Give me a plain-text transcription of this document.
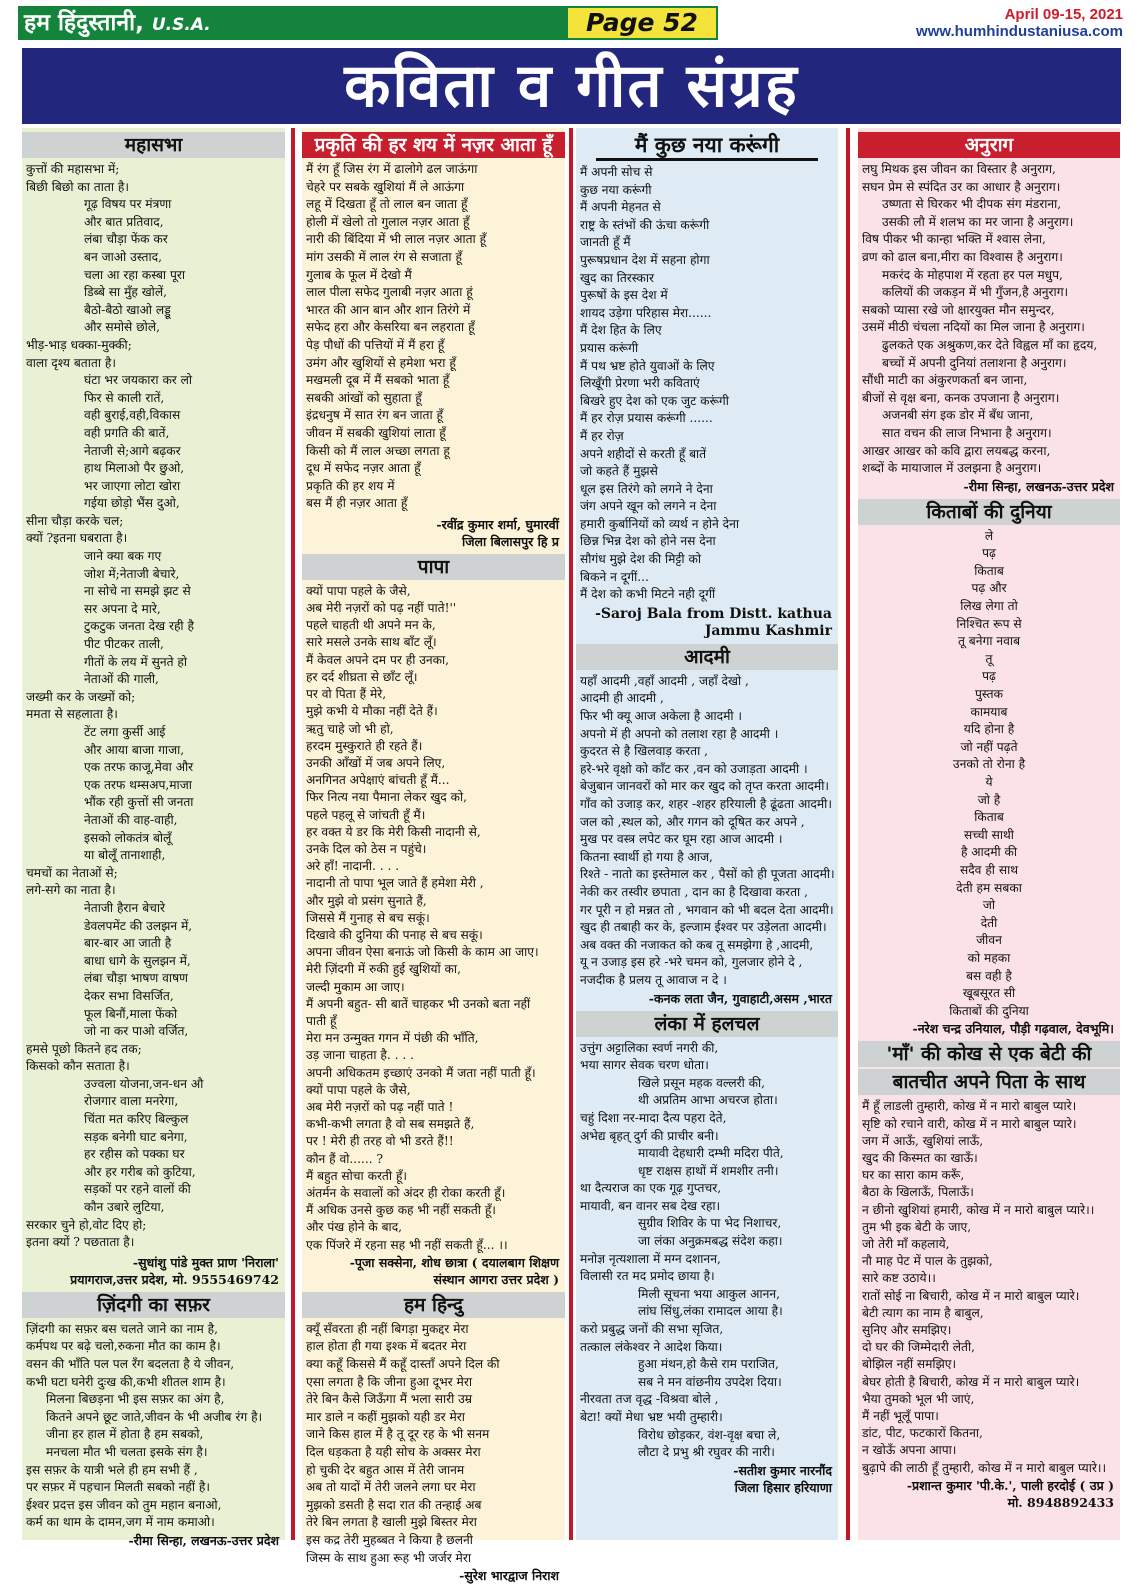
हम हिंदुस्तानी, U.S.A.	Page 52	April 09-15, 2021
www.humhindustaniusa.com
कविता व गीत संग्रह
महासभा
कुत्तों की महासभा में;
बिछी बिछो का ताता है।
गूढ़ विषय पर मंत्रणा
और बात प्रतिवाद,
लंबा चौड़ा फेंक कर
बन जाओ उस्ताद,
चला आ रहा कस्बा पूरा
डिब्बे सा मुँह खोलें,
बैठो-बैठो खाओ लड्डू
और समोसे छोले,
भीड़-भाड़ धक्का-मुक्की;
वाला दृश्य बताता है।
घंटा भर जयकारा कर लो
फिर से काली रातें,
वही बुराई,वही,विकास
वही प्रगति की बातें,
नेताजी से;आगे बढ़कर
हाथ मिलाओ पैर छुओ,
भर जाएगा लोटा खोरा
गईया छोड़ो भैंस दुओ,
सीना चौड़ा करके चल;
क्यों ?इतना घबराता है।
जाने क्या बक गए
जोश में;नेताजी बेचारे,
ना सोचे ना समझे झट से
सर अपना दे मारे,
टुकटुक जनता देख रही है
पीट पीटकर ताली,
गीतों के लय में सुनते हो
नेताओं की गाली,
जख्मी कर के जख्मों को;
ममता से सहलाता है।
टेंट लगा कुर्सी आई
और आया बाजा गाजा,
एक तरफ काजू,मेवा और
एक तरफ थम्सअप,माजा
भौंक रही कुत्तों सी जनता
नेताओं की वाह-वाही,
इसको लोकतंत्र बोलूँ
या बोलूँ तानाशाही,
चमचों का नेताओं से;
लगे-सगे का नाता है।
नेताजी हैरान बेचारे
डेवलपमेंट की उलझन में,
बार-बार आ जाती है
बाधा धागे के सुलझन में,
लंबा चौड़ा भाषण वाषण
देकर सभा विसर्जित,
फूल बिनौं,माला फेंको
जो ना कर पाओ वर्जित,
हमसे पूछो कितने हद तक;
किसको कौन सताता है।
उज्वला योजना,जन-धन औ
रोजगार वाला मनरेगा,
चिंता मत करिए बिल्कुल
सड़क बनेगी घाट बनेगा,
हर रहीस को पक्का घर
और हर गरीब को कुटिया,
सड़कों पर रहने वालों की
कौन उबारे लुटिया,
सरकार चुने हो,वोट दिए हो;
इतना क्यों ? पछताता है।
-सुधांशु पांडे मुक्त प्राण 'निराला'
प्रयागराज,उत्तर प्रदेश, मो. 9555469742
ज़िंदगी का सफ़र
ज़िंदगी का सफ़र बस चलते जाने का नाम है,
कर्मपथ पर बढ़े चलो,रुकना मौत का काम है।
वसन की भाँति पल पल रँग बदलता है ये जीवन,
कभी घटा घनेरी दुःख की,कभी शीतल शाम है।
मिलना बिछड़ना भी इस सफ़र का अंग है,
कितने अपने छूट जाते,जीवन के भी अजीब रंग है।
जीना हर हाल में होता है हम सबको,
मनचला मौत भी चलता इसके संग है।
इस सफ़र के यात्री भले ही हम सभी हैं ,
पर सफ़र में पहचान मिलती सबको नहीं है।
ईश्वर प्रदत्त इस जीवन को तुम महान बनाओ,
कर्म का थाम के दामन,जग में नाम कमाओ।
-रीमा सिन्हा, लखनऊ-उत्तर प्रदेश
प्रकृति की हर शय में नज़र आता हूँ
मैं रंग हूँ जिस रंग में ढालोगे ढल जाऊंगा
चेहरे पर सबके खुशियां मैं ले आऊंगा
लहू में दिखता हूँ तो लाल बन जाता हूँ
होली में खेलो तो गुलाल नज़र आता हूँ
नारी की बिंदिया में भी लाल नज़र आता हूँ
मांग उसकी में लाल रंग से सजाता हूँ
गुलाब के फूल में देखो मैं
लाल पीला सफेद गुलाबी नज़र आता हूं
भारत की आन बान और शान तिरंगे में
सफेद हरा और केसरिया बन लहराता हूँ
पेड़ पौधों की पत्तियों में मैं हरा हूँ
उमंग और खुशियों से हमेशा भरा हूँ
मखमली दूब में मैं सबको भाता हूँ
सबकी आंखों को सुहाता हूँ
इंद्रधनुष में सात रंग बन जाता हूँ
जीवन में सबकी खुशियां लाता हूँ
किसी को मैं लाल अच्छा लगता हू
दूध में सफेद नज़र आता हूँ
प्रकृति की हर शय में
बस मैं ही नज़र आता हूँ
-रवींद्र कुमार शर्मा, घुमारवीं
जिला बिलासपुर हि प्र
पापा
क्यों पापा पहले के जैसे,
अब मेरी नज़रों को पढ़ नहीं पाते!''
पहले चाहती थी अपने मन के,
सारे मसले उनके साथ बाँट लूँ।
मैं केवल अपने दम पर ही उनका,
हर दर्द शीघ्रता से छाँट लूँ।
पर वो पिता हैं मेरे,
मुझे कभी ये मौका नहीं देते हैं।
ऋतु चाहे जो भी हो,
हरदम मुस्कुराते ही रहते हैं।
उनकी आँखों में जब अपने लिए,
अनगिनत अपेक्षाएं बांचती हूँ मैं...
फिर नित्य नया पैमाना लेकर खुद को,
पहले पहलू से जांचती हूँ मैं।
हर वक्त ये डर कि मेरी किसी नादानी से,
उनके दिल को ठेस न पहुंचे।
अरे हाँ! नादानी. . . .
नादानी तो पापा भूल जाते हैं हमेशा मेरी ,
और मुझे वो प्रसंग सुनाते हैं,
जिससे मैं गुनाह से बच सकूं।
दिखावे की दुनिया की पनाह से बच सकूं।
अपना जीवन ऐसा बनाऊं जो किसी के काम आ जाए।
मेरी ज़िंदगी में रुकी हुई खुशियों का,
जल्दी मुकाम आ जाए।
मैं अपनी बहुत- सी बातें चाहकर भी उनको बता नहीं
पाती हूँ
मेरा मन उन्मुक्त गगन में पंछी की भाँति,
उड़ जाना चाहता है. . . .
अपनी अधिकतम इच्छाएं उनको मैं जता नहीं पाती हूँ।
क्यों पापा पहले के जैसे,
अब मेरी नज़रों को पढ़ नहीं पाते !
कभी-कभी लगता है वो सब समझते हैं,
पर ! मेरी ही तरह वो भी डरते हैं!!
कौन हैं वो...... ?
मैं बहुत सोचा करती हूँ।
अंतर्मन के सवालों को अंदर ही रोका करती हूँ।
मैं अधिक उनसे कुछ कह भी नहीं सकती हूँ।
और पंख होने के बाद,
एक पिंजरे में रहना सह भी नहीं सकती हूँ... ।।
-पूजा सक्सेना, शोध छात्रा ( दयालबाग शिक्षण
संस्थान आगरा उत्तर प्रदेश )
हम हिन्दु
क्यूँ सँवरता ही नहीं बिगड़ा मुकद्दर मेरा
हाल होता ही गया इश्क में बदतर मेरा
क्या कहूँ किससे मैं कहूँ दास्ताँ अपने दिल की
एसा लगता है कि जीना हुआ दूभर मेरा
तेरे बिन कैसे जिऊँगा मैं भला सारी उम्र
मार डाले न कहीं मुझको यही डर मेरा
जाने किस हाल में है तू दूर रह के भी सनम
दिल धड़कता है यही सोच के अक्सर मेरा
हो चुकी देर बहुत आस में तेरी जानम
अब तो यादों में तेरी जलने लगा घर मेरा
मुझको डसती है सदा रात की तन्हाई अब
तेरे बिन लगता है खाली मुझे बिस्तर मेरा
इस कद्र तेरी मुहब्बत ने किया है छलनी
जिस्म के साथ हुआ रूह भी जर्जर मेरा
-सुरेश भारद्वाज निराश
मैं कुछ नया करूंगी
मैं अपनी सोच से
कुछ नया करूंगी
मैं अपनी मेहनत से
राष्ट्र के स्तंभों की ऊंचा करूंगी
जानती हूँ मैं
पुरूषप्रधान देश में सहना होगा
खुद का तिरस्कार
पुरूषों के इस देश में
शायद उड़ेगा परिहास मेरा......
मैं देश हित के लिए
प्रयास करूंगी
मैं पथ भ्रष्ट होते युवाओं के लिए
लिखूँगी प्रेरणा भरी कविताएं
बिखरे हुए देश को एक जुट करूंगी
मैं हर रोज़ प्रयास करूंगी ......
मैं हर रोज़
अपने शहीदों से करती हूँ बातें
जो कहते हैं मुझसे
धूल इस तिरंगे को लगने ने देना
जंग अपने खून को लगने न देना
हमारी कुर्बानियों को व्यर्थ न होने देना
छिन्न भिन्न देश को होने नस देना
सौगंध मुझे देश की मिट्टी को
बिकने न दूगीं...
मैं देश को कभी मिटने नही दूगीं
-Saroj Bala from Distt. kathua
Jammu Kashmir
आदमी
यहाँ आदमी ,वहाँ आदमी , जहाँ देखो ,
आदमी ही आदमी ,
फिर भी क्यू आज अकेला है आदमी ।
अपनो में ही अपनो को तलाश रहा है आदमी ।
कुदरत से है खिलवाड़ करता ,
हरे-भरे वृक्षो को काँट कर ,वन को उजाड़ता आदमी ।
बेजुबान जानवरों को मार कर खुद को तृप्त करता आदमी।
गाँव को उजाड़ कर, शहर -शहर हरियाली है ढूंढता आदमी।
जल को ,स्थल को, और गगन को दूषित कर अपने ,
मुख पर वस्त्र लपेट कर घूम रहा आज आदमी ।
कितना स्वार्थी हो गया है आज,
रिश्ते - नातो का इस्तेमाल कर , पैसों को ही पूजता आदमी।
नेकी कर तस्वीर छपाता , दान का है दिखावा करता ,
गर पूरी न हो मन्नत तो , भगवान को भी बदल देता आदमी।
खुद ही तबाही कर के, इल्जाम ईश्वर पर उड़ेलता आदमी।
अब वक्त की नजाकत को कब तू समझेगा हे ,आदमी,
यू न उजाड़ इस हरे -भरे चमन को, गुलजार होने दे ,
नजदीक है प्रलय तू आवाज न दे ।
-कनक लता जैन, गुवाहाटी,असम ,भारत
लंका में हलचल
उत्तुंग अट्टालिका स्वर्ण नगरी की,
भया सागर सेवक चरण धोता।
खिले प्रसून महक वल्लरी की,
थी अप्रतिम आभा अचरज होता।
चहुं दिशा नर-मादा दैत्य पहरा देते,
अभेद्य बृहत् दुर्ग की प्राचीर बनी।
मायावी देहधारी दम्भी मदिरा पीते,
धृष्ट राक्षस हाथों में शमशीर तनी।
था दैत्यराज का एक गूढ़ गुप्तचर,
मायावी, बन वानर सब देख रहा।
सुग्रीव शिविर के पा भेद निशाचर,
जा लंका अनुक्रमबद्ध संदेश कहा।
मनोज्ञ नृत्यशाला में मग्न दशानन,
विलासी रत मद प्रमोद छाया है।
मिली सूचना भया आकुल आनन,
लांघ सिंधु,लंका रामादल आया है।
करो प्रबुद्ध जनों की सभा सृजित,
तत्काल लंकेश्वर ने आदेश किया।
हुआ मंथन,हो कैसे राम पराजित,
सब ने मन वांछनीय उपदेश दिया।
नीरवता तज वृद्ध -विश्रवा बोले ,
बेटा! क्यों मेधा भ्रष्ट भयी तुम्हारी।
विरोध छोड़कर, वंश-वृक्ष बचा ले,
लौटा दे प्रभु श्री रघुवर की नारी।
-सतीश कुमार नारनौंद
जिला हिसार हरियाणा
अनुराग
लघु मिथक इस जीवन का विस्तार है अनुराग,
सघन प्रेम से स्पंदित उर का आधार है अनुराग।
उष्णता से घिरकर भी दीपक संग मंडराना,
उसकी लौ में शलभ का मर जाना है अनुराग।
विष पीकर भी कान्हा भक्ति में श्वास लेना,
व्रण को ढाल बना,मीरा का विश्वास है अनुराग।
मकरंद के मोहपाश में रहता हर पल मधुप,
कलियों की जकड़न में भी गुँजन,है अनुराग।
सबको प्यासा रखे जो क्षारयुक्त मौन समुन्दर,
उसमें मीठी चंचला नदियों का मिल जाना है अनुराग।
ढुलकते एक अश्रुकण,कर देते विह्वल माँ का हृदय,
बच्चों में अपनी दुनियां तलाशना है अनुराग।
सौंधी माटी का अंकुरणकर्ता बन जाना,
बीजों से वृक्ष बना, कनक उपजाना है अनुराग।
अजनबी संग इक डोर में बँध जाना,
सात वचन की लाज निभाना है अनुराग।
आखर आखर को कवि द्वारा लयबद्ध करना,
शब्दों के मायाजाल में उलझना है अनुराग।
-रीमा सिन्हा, लखनऊ-उत्तर प्रदेश
किताबों की दुनिया
ले
पढ़
किताब
पढ़ और
लिख लेगा तो
निश्चित रूप से
तू बनेगा नवाब
तू
पढ़
पुस्तक
कामयाब
यदि होना है
जो नहीं पढ़ते
उनको तो रोना है
ये
जो है
किताब
सच्ची साथी
है आदमी की
सदैव ही साथ
देती हम सबका
जो
देती
जीवन
को महका
बस वही है
खूबसूरत सी
किताबों की दुनिया
-नरेश चन्द्र उनियाल, पौड़ी गढ़वाल, देवभूमि।
'माँ' की कोख से एक बेटी की
बातचीत अपने पिता के साथ
मैं हूँ लाडली तुम्हारी, कोख में न मारो बाबुल प्यारे।
सृष्टि को रचाने वारी, कोख में न मारो बाबुल प्यारे।
जग में आऊँ, खुशियां लाऊँ,
खुद की किस्मत का खाऊँ।
घर का सारा काम करूँ,
बैठा के खिलाऊँ, पिलाऊँ।
न छीनो खुशियां हमारी, कोख में न मारो बाबुल प्यारे।।
तुम भी इक बेटी के जाए,
जो तेरी माँ कहलाये,
नौ माह पेट में पाल के तुझको,
सारे कष्ट उठाये।।
रातों सोई ना बिचारी, कोख में न मारो बाबुल प्यारे।
बेटी त्याग का नाम है बाबुल,
सुनिए और समझिए।
दो घर की जिम्मेदारी लेती,
बोझिल नहीं समझिए।
बेघर होती है बिचारी, कोख में न मारो बाबुल प्यारे।
भैया तुमको भूल भी जाएं,
मैं नहीं भूलूँ पापा।
डांट, पीट, फटकारों कितना,
न खोऊँ अपना आपा।
बुढ़ापे की लाठी हूँ तुम्हारी, कोख में न मारो बाबुल प्यारे।।
-प्रशान्त कुमार 'पी.के.', पाली हरदोई ( उप्र )
मो. 8948892433
